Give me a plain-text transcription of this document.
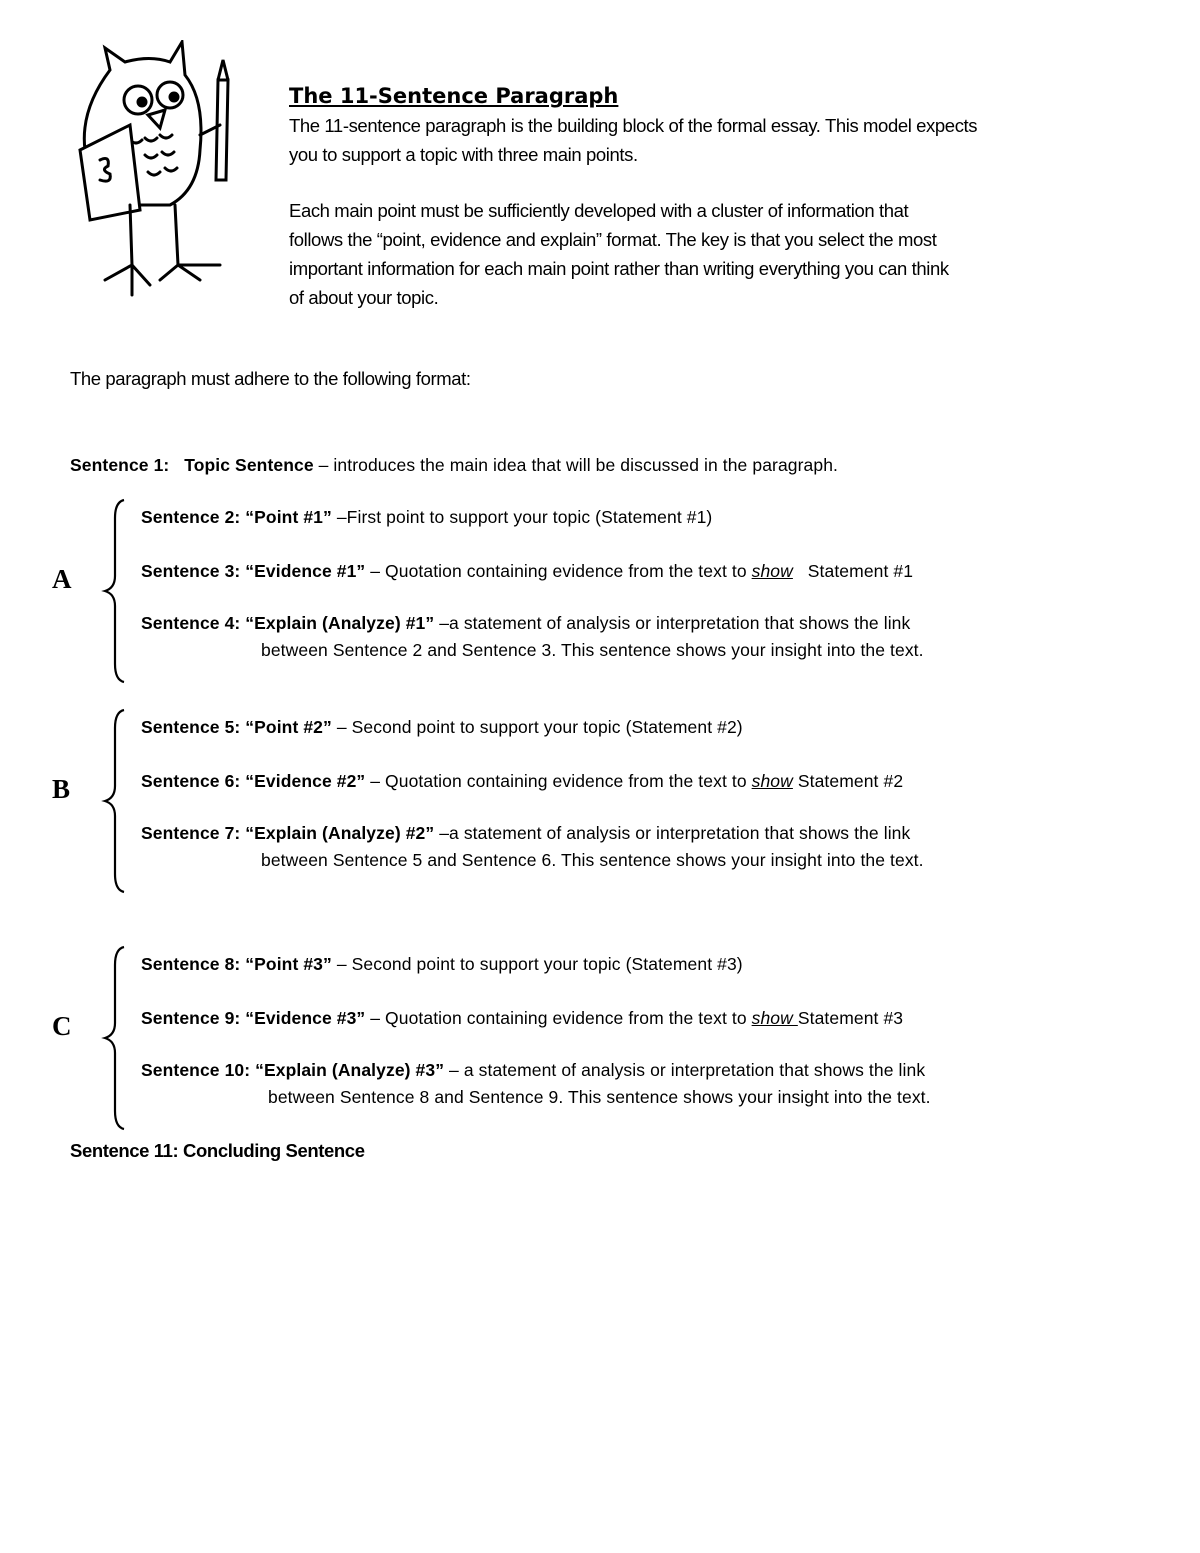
The 11-Sentence Paragraph
The 11-sentence paragraph is the building block of the formal essay. This model expects
you to support a topic with three main points.
Each main point must be sufficiently developed with a cluster of information that
follows the “point, evidence and explain” format. The key is that you select the most
important information for each main point rather than writing everything you can think
of about your topic.
The paragraph must adhere to the following format:
Sentence 1: Topic Sentence – introduces the main idea that will be discussed in the paragraph.
A
Sentence 2: “Point #1” –First point to support your topic (Statement #1)
Sentence 3: “Evidence #1” – Quotation containing evidence from the text to show   Statement #1
Sentence 4: “Explain (Analyze) #1” –a statement of analysis or interpretation that shows the link
between Sentence 2 and Sentence 3. This sentence shows your insight into the text.
B
Sentence 5: “Point #2” – Second point to support your topic (Statement #2)
Sentence 6: “Evidence #2” – Quotation containing evidence from the text to show Statement #2
Sentence 7: “Explain (Analyze) #2” –a statement of analysis or interpretation that shows the link
between Sentence 5 and Sentence 6. This sentence shows your insight into the text.
C
Sentence 8: “Point #3” – Second point to support your topic (Statement #3)
Sentence 9: “Evidence #3” – Quotation containing evidence from the text to show Statement #3
Sentence 10: “Explain (Analyze) #3” – a statement of analysis or interpretation that shows the link
between Sentence 8 and Sentence 9. This sentence shows your insight into the text.
Sentence 11: Concluding Sentence
